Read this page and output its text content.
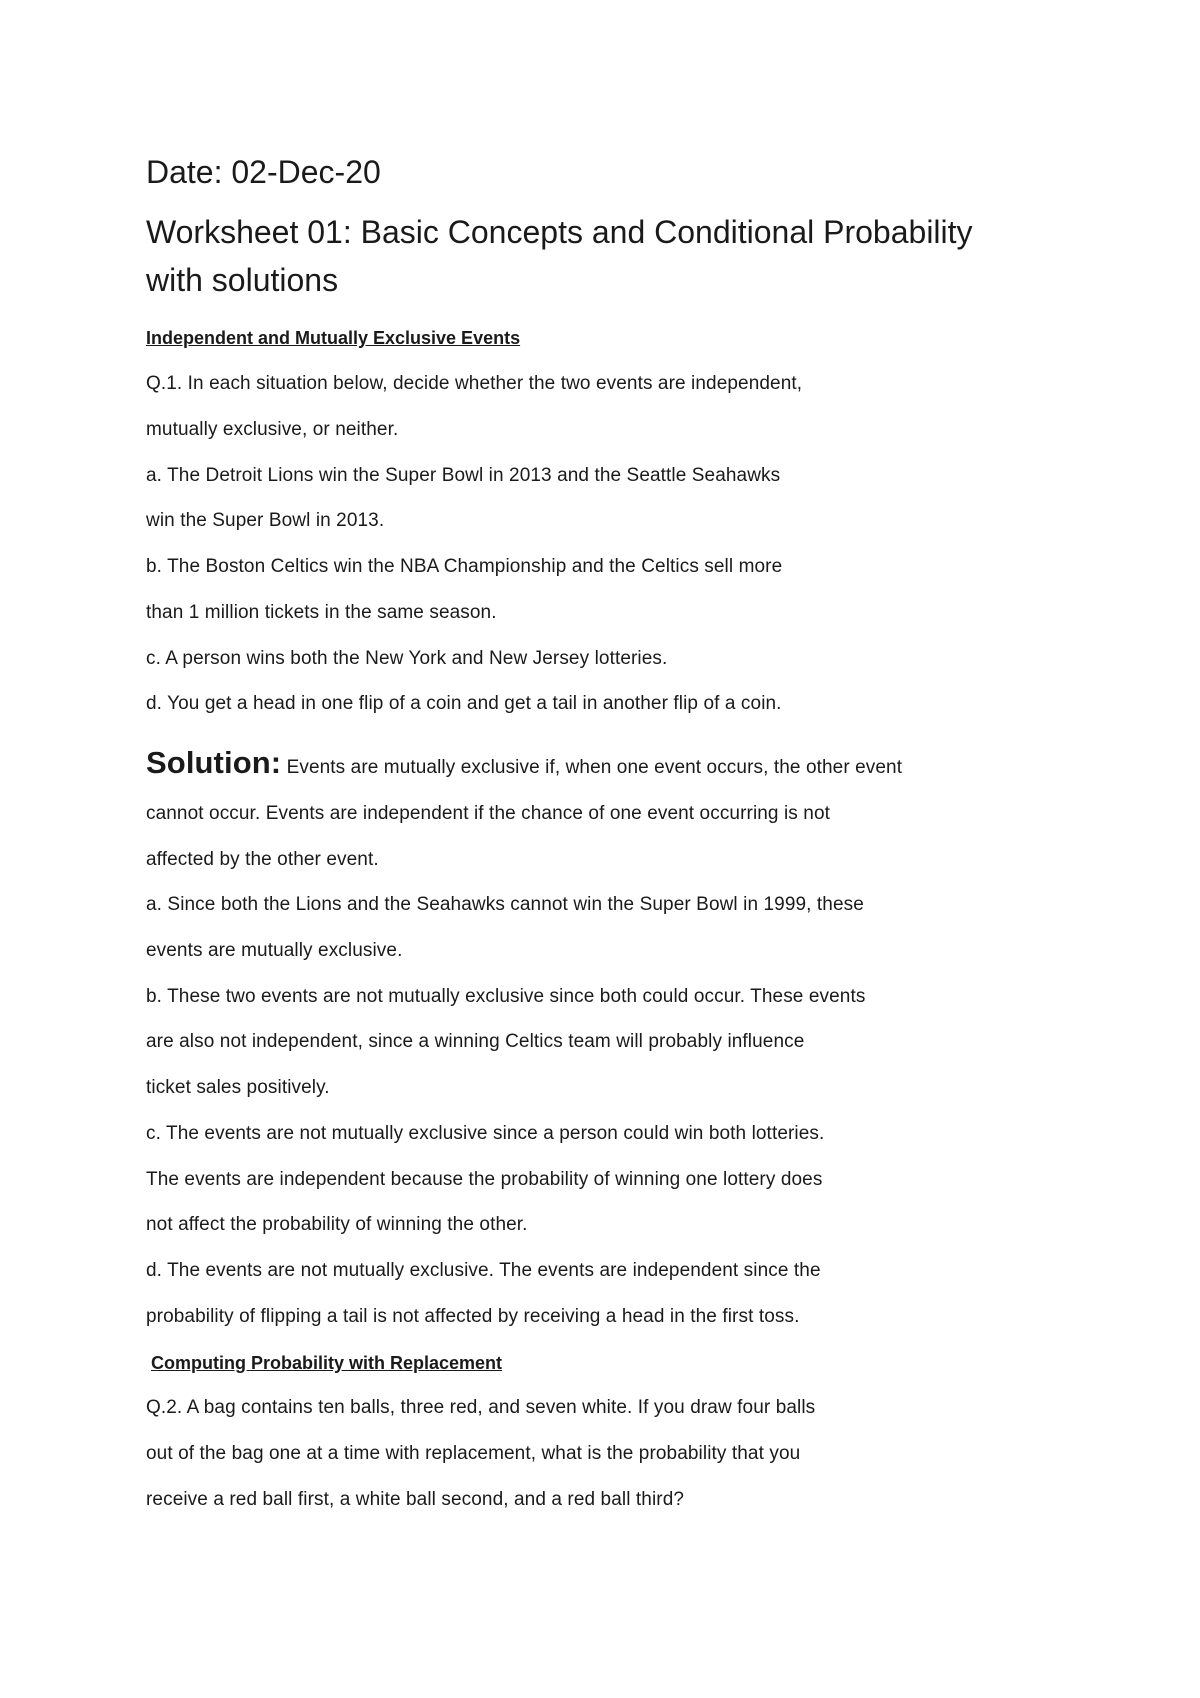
Date: 02-Dec-20
Worksheet 01: Basic Concepts and Conditional Probability
with solutions
Independent and Mutually Exclusive Events
Q.1. In each situation below, decide whether the two events are independent,
mutually exclusive, or neither.
a. The Detroit Lions win the Super Bowl in 2013 and the Seattle Seahawks
win the Super Bowl in 2013.
b. The Boston Celtics win the NBA Championship and the Celtics sell more
than 1 million tickets in the same season.
c. A person wins both the New York and New Jersey lotteries.
d. You get a head in one flip of a coin and get a tail in another flip of a coin.
Solution: Events are mutually exclusive if, when one event occurs, the other event
cannot occur. Events are independent if the chance of one event occurring is not
affected by the other event.
a. Since both the Lions and the Seahawks cannot win the Super Bowl in 1999, these
events are mutually exclusive.
b. These two events are not mutually exclusive since both could occur. These events
are also not independent, since a winning Celtics team will probably influence
ticket sales positively.
c. The events are not mutually exclusive since a person could win both lotteries.
The events are independent because the probability of winning one lottery does
not affect the probability of winning the other.
d. The events are not mutually exclusive. The events are independent since the
probability of flipping a tail is not affected by receiving a head in the first toss.
Computing Probability with Replacement
Q.2. A bag contains ten balls, three red, and seven white. If you draw four balls
out of the bag one at a time with replacement, what is the probability that you
receive a red ball first, a white ball second, and a red ball third?
